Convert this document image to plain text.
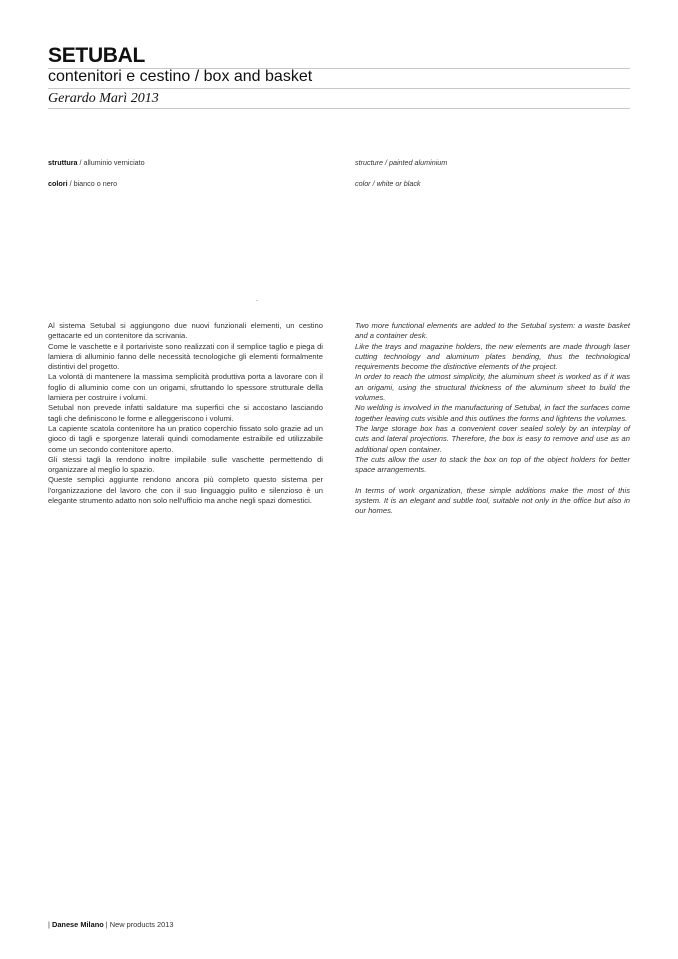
SETUBAL
contenitori e cestino / box and basket
Gerardo Marì 2013
struttura / alluminio verniciato
colori / bianco o nero
structure / painted aluminium
color / white or black
.

Al sistema Setubal si aggiungono due nuovi funzionali elementi, un cestino gettacarte ed un contenitore da scrivania.

Come le vaschette e il portariviste sono realizzati con il semplice taglio e piega di lamiera di alluminio fanno delle necessità tecnologiche gli elementi formalmente distintivi del progetto.

La volontà di mantenere la massima semplicità produttiva porta a lavorare con il foglio di alluminio come con un origami, sfruttando lo spessore strutturale della lamiera per costruire i volumi.

Setubal non prevede infatti saldature ma superfici che si accostano lasciando tagli che definiscono le forme e alleggeriscono i volumi.

La capiente scatola contenitore ha un pratico coperchio fissato solo grazie ad un gioco di tagli e sporgenze laterali quindi comodamente estraibile ed utilizzabile come un secondo contenitore aperto.

Gli stessi tagli la rendono inoltre impilabile sulle vaschette permettendo di organizzare al meglio lo spazio.

Queste semplici aggiunte rendono ancora più completo questo sistema per l'organizzazione del lavoro che con il suo linguaggio pulito e silenzioso è un elegante strumento adatto non solo nell'ufficio ma anche negli spazi domestici.

Two more functional elements are added to the Setubal system: a waste basket and a container desk.

Like the trays and magazine holders, the new elements are made through laser cutting technology and aluminum plates bending, thus the technological requirements become the distinctive elements of the project.

In order to reach the utmost simplicity, the aluminum sheet is worked as if it was an origami, using the structural thickness of the aluminum sheet to build the volumes.

No welding is involved in the manufacturing of Setubal, in fact the surfaces come together leaving cuts visible and this outlines the forms and lightens the volumes.

The large storage box has a convenient cover sealed solely by an interplay of cuts and lateral projections. Therefore, the box is easy to remove and use as an additional open container.

The cuts allow the user to stack the box on top of the object holders for better space arrangements.

In terms of work organization, these simple additions make the most of this system. It is an elegant and subtle tool, suitable not only in the office but also in our homes.

| Danese Milano | New products 2013
